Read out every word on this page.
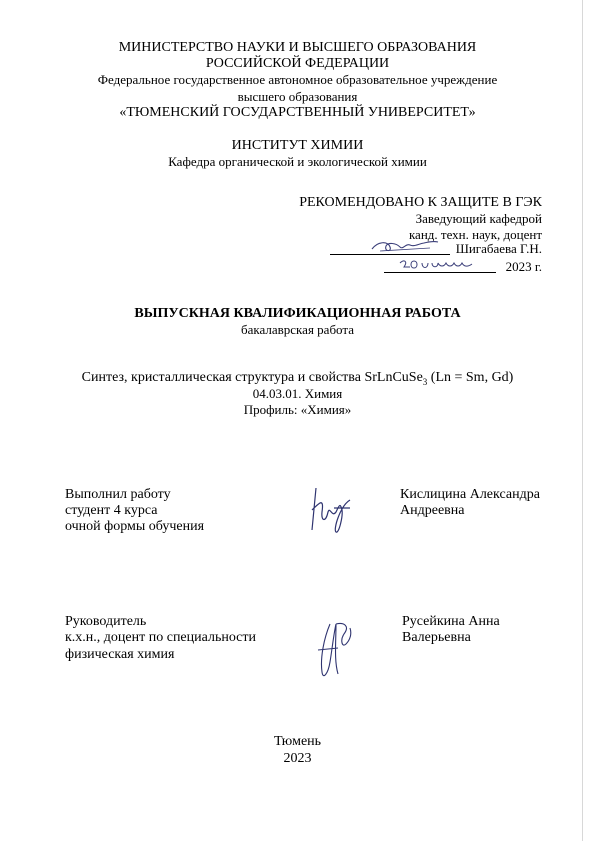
МИНИСТЕРСТВО НАУКИ И ВЫСШЕГО ОБРАЗОВАНИЯ
РОССИЙСКОЙ ФЕДЕРАЦИИ
Федеральное государственное автономное образовательное учреждение
высшего образования
«ТЮМЕНСКИЙ ГОСУДАРСТВЕННЫЙ УНИВЕРСИТЕТ»
ИНСТИТУТ ХИМИИ
Кафедра органической и экологической химии
РЕКОМЕНДОВАНО К ЗАЩИТЕ В ГЭК
Заведующий кафедрой
канд. техн. наук, доцент
Шигабаева Г.Н.
2023 г.
ВЫПУСКНАЯ КВАЛИФИКАЦИОННАЯ РАБОТА
бакалаврская работа
Синтез, кристаллическая структура и свойства SrLnCuSe$_3$ (Ln = Sm, Gd)
04.03.01. Химия
Профиль: «Химия»
Выполнил работу
студент 4 курса
очной формы обучения
Кислицина Александра
Андреевна
Руководитель
к.х.н., доцент по специальности
физическая химия
Русейкина Анна
Валерьевна
Тюмень
2023
